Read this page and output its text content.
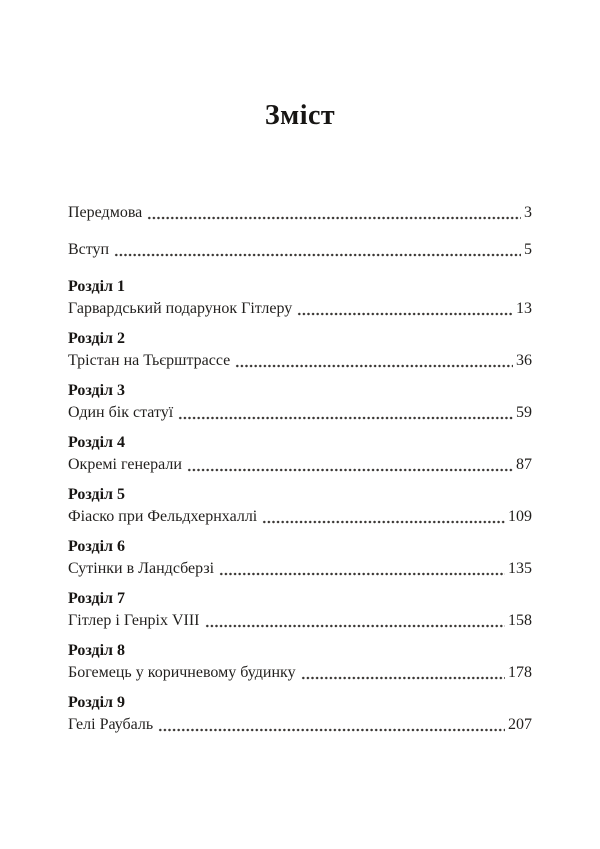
Зміст
Передмова	3
Вступ	5
Розділ 1
Гарвардський подарунок Гітлеру	13
Розділ 2
Трістан на Тьєрштрассе	36
Розділ 3
Один бік статуї	59
Розділ 4
Окремі генерали	87
Розділ 5
Фіаско при Фельдхернхаллі	109
Розділ 6
Сутінки в Ландсберзі	135
Розділ 7
Гітлер і Генріх VIII	158
Розділ 8
Богемець у коричневому будинку	178
Розділ 9
Гелі Раубаль	207
